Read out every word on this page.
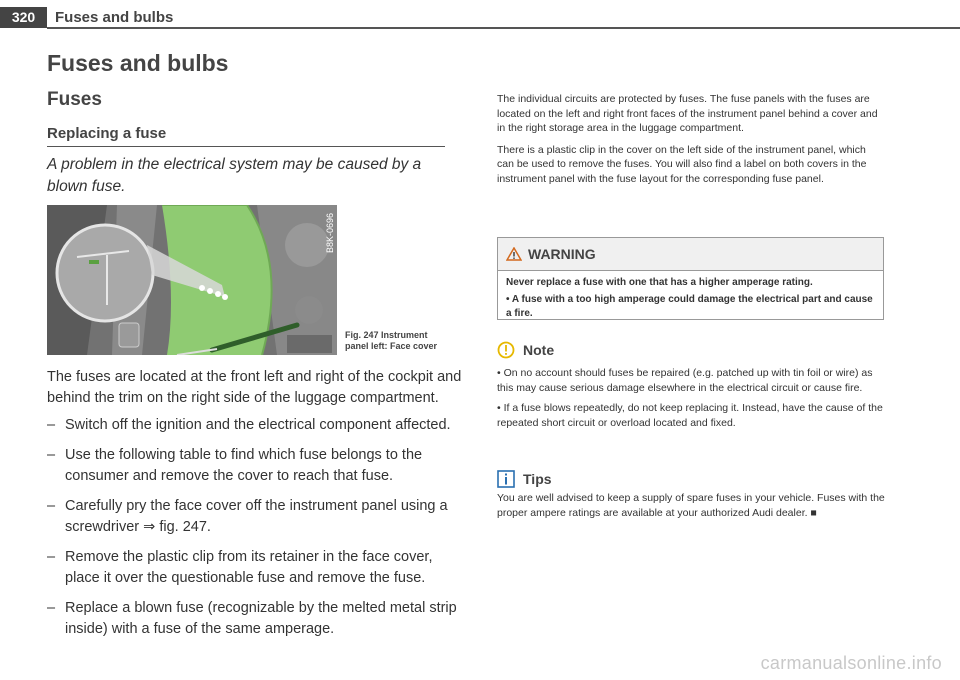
320	Fuses and bulbs
Fuses and bulbs
Fuses
Replacing a fuse
A problem in the electrical system may be caused by a blown fuse.
B8K-0696
Fig. 247 Instrument
panel left: Face cover

The fuses are located at the front left and right of the cockpit and behind the trim on the right side of the luggage compartment.

– Switch off the ignition and the electrical component affected.
– Use the following table to find which fuse belongs to the consumer and remove the cover to reach that fuse.
– Carefully pry the face cover off the instrument panel using a screwdriver ⇒ fig. 247.
– Remove the plastic clip from its retainer in the face cover, place it over the questionable fuse and remove the fuse.
– Replace a blown fuse (recognizable by the melted metal strip inside) with a fuse of the same amperage.

The individual circuits are protected by fuses. The fuse panels with the fuses are located on the left and right front faces of the instrument panel behind a cover and in the right storage area in the luggage compartment.

There is a plastic clip in the cover on the left side of the instrument panel, which can be used to remove the fuses. You will also find a label on both covers in the instrument panel with the fuse layout for the corresponding fuse panel.

WARNING

Never replace a fuse with one that has a higher amperage rating.

• A fuse with a too high amperage could damage the electrical part and cause a fire.

Note

• On no account should fuses be repaired (e.g. patched up with tin foil or wire) as this may cause serious damage elsewhere in the electrical circuit or cause fire.

• If a fuse blows repeatedly, do not keep replacing it. Instead, have the cause of the repeated short circuit or overload located and fixed.

Tips
You are well advised to keep a supply of spare fuses in your vehicle. Fuses with the proper ampere ratings are available at your authorized Audi dealer. ■
carmanualsonline.info
